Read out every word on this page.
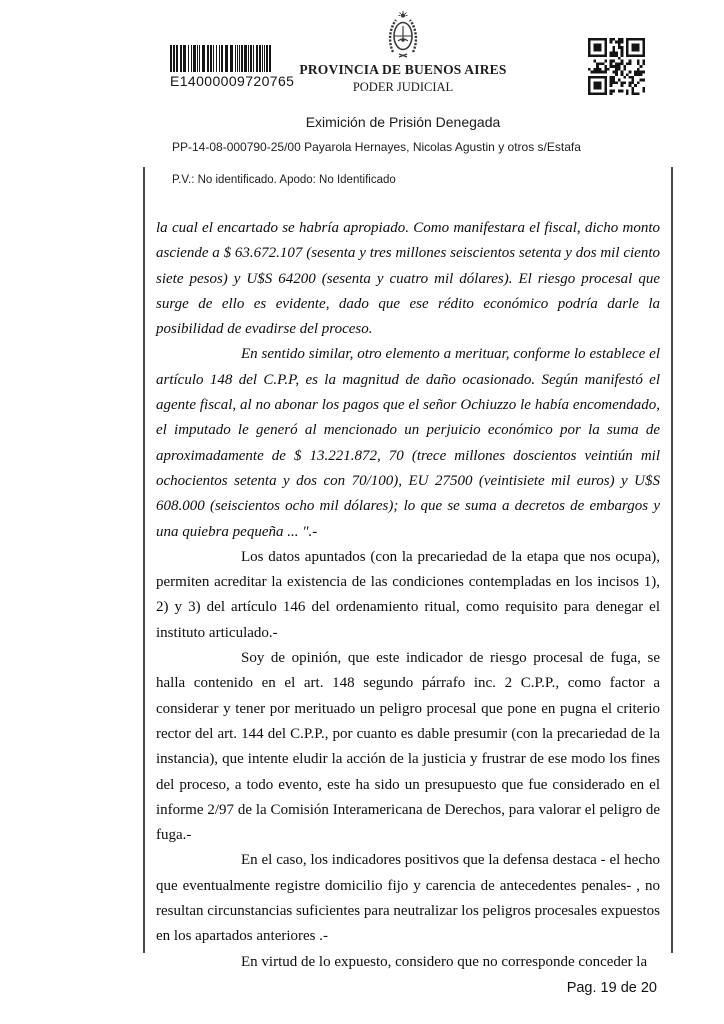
E14000009720765
PROVINCIA DE BUENOS AIRES
PODER JUDICIAL
Eximición de Prisión Denegada
PP-14-08-000790-25/00 Payarola Hernayes, Nicolas Agustin y otros s/Estafa
P.V.: No identificado. Apodo: No Identificado

la cual el encartado se habría apropiado. Como manifestara el fiscal, dicho monto asciende a $ 63.672.107 (sesenta y tres millones seiscientos setenta y dos mil ciento siete pesos) y U$S 64200 (sesenta y cuatro mil dólares). El riesgo procesal que surge de ello es evidente, dado que ese rédito económico podría darle la posibilidad de evadirse del proceso.

En sentido similar, otro elemento a merituar, conforme lo establece el artículo 148 del C.P.P, es la magnitud de daño ocasionado. Según manifestó el agente fiscal, al no abonar los pagos que el señor Ochiuzzo le había encomendado, el imputado le generó al mencionado un perjuicio económico por la suma de aproximadamente de $ 13.221.872, 70 (trece millones doscientos veintiún mil ochocientos setenta y dos con 70/100), EU 27500 (veintisiete mil euros) y U$S 608.000 (seiscientos ocho mil dólares); lo que se suma a decretos de embargos y una quiebra pequeña ... ".-

Los datos apuntados (con la precariedad de la etapa que nos ocupa), permiten acreditar la existencia de las condiciones contempladas en los incisos 1), 2) y 3) del artículo 146 del ordenamiento ritual, como requisito para denegar el instituto articulado.-

Soy de opinión, que este indicador de riesgo procesal de fuga, se halla contenido en el art. 148 segundo párrafo inc. 2 C.P.P., como factor a considerar y tener por merituado un peligro procesal que pone en pugna el criterio rector del art. 144 del C.P.P., por cuanto es dable presumir (con la precariedad de la instancia), que intente eludir la acción de la justicia y frustrar de ese modo los fines del proceso, a todo evento, este ha sido un presupuesto que fue considerado en el informe 2/97 de la Comisión Interamericana de Derechos, para valorar el peligro de fuga.-

En el caso, los indicadores positivos que la defensa destaca - el hecho que eventualmente registre domicilio fijo y carencia de antecedentes penales- , no resultan circunstancias suficientes para neutralizar los peligros procesales expuestos en los apartados anteriores .-

En virtud de lo expuesto, considero que no corresponde conceder la

Pag. 19 de 20
